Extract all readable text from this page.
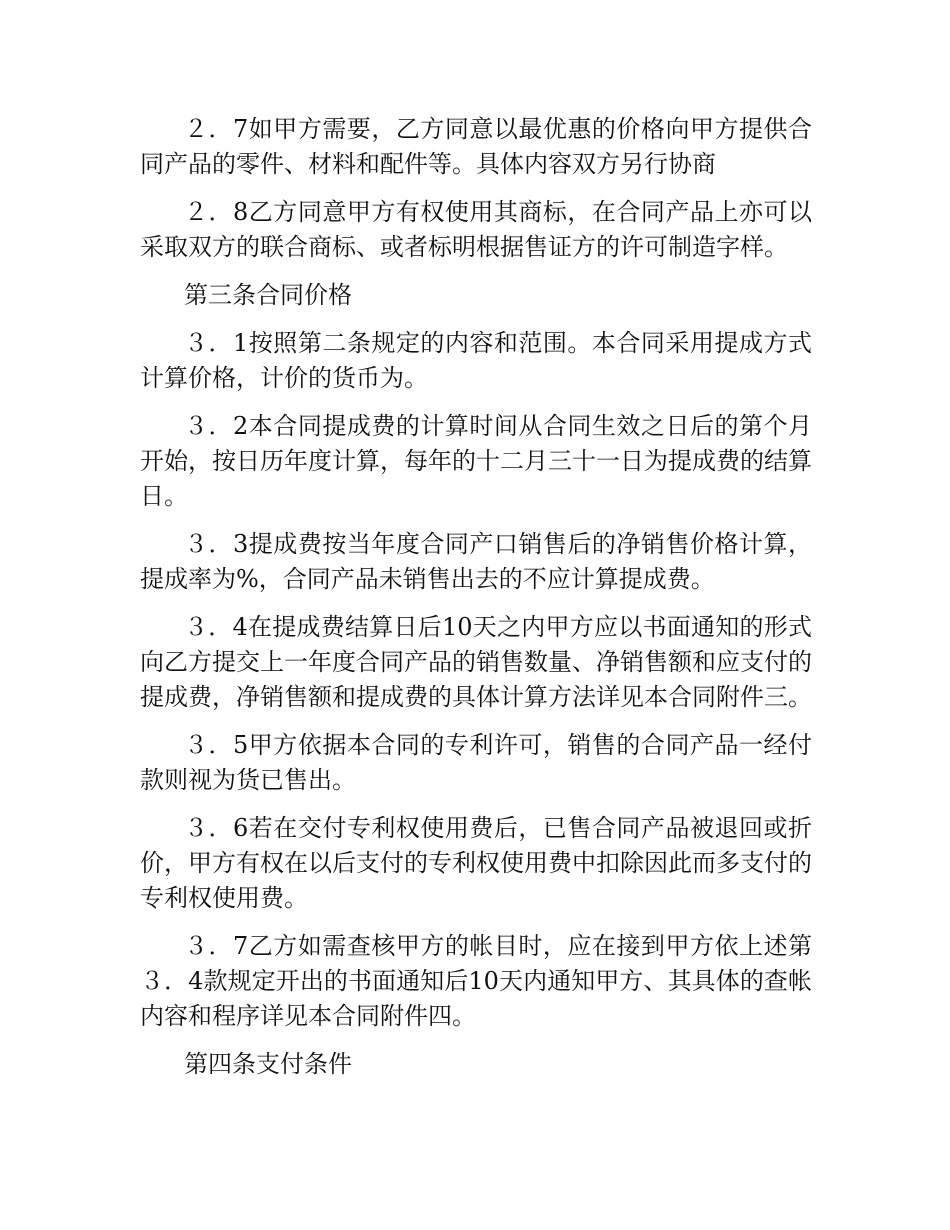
２．7如甲方需要，乙方同意以最优惠的价格向甲方提供合同产品的零件、材料和配件等。具体内容双方另行协商

２．8乙方同意甲方有权使用其商标，在合同产品上亦可以采取双方的联合商标、或者标明根据售证方的许可制造字样。

第三条合同价格

３．1按照第二条规定的内容和范围。本合同采用提成方式计算价格，计价的货币为。

３．2本合同提成费的计算时间从合同生效之日后的第个月开始，按日历年度计算，每年的十二月三十一日为提成费的结算日。

３．3提成费按当年度合同产口销售后的净销售价格计算，提成率为%，合同产品未销售出去的不应计算提成费。

３．4在提成费结算日后10天之内甲方应以书面通知的形式向乙方提交上一年度合同产品的销售数量、净销售额和应支付的提成费，净销售额和提成费的具体计算方法详见本合同附件三。

３．5甲方依据本合同的专利许可，销售的合同产品一经付款则视为货已售出。

３．6若在交付专利权使用费后，已售合同产品被退回或折价，甲方有权在以后支付的专利权使用费中扣除因此而多支付的专利权使用费。

３．7乙方如需查核甲方的帐目时，应在接到甲方依上述第３．4款规定开出的书面通知后10天内通知甲方、其具体的查帐内容和程序详见本合同附件四。

第四条支付条件
